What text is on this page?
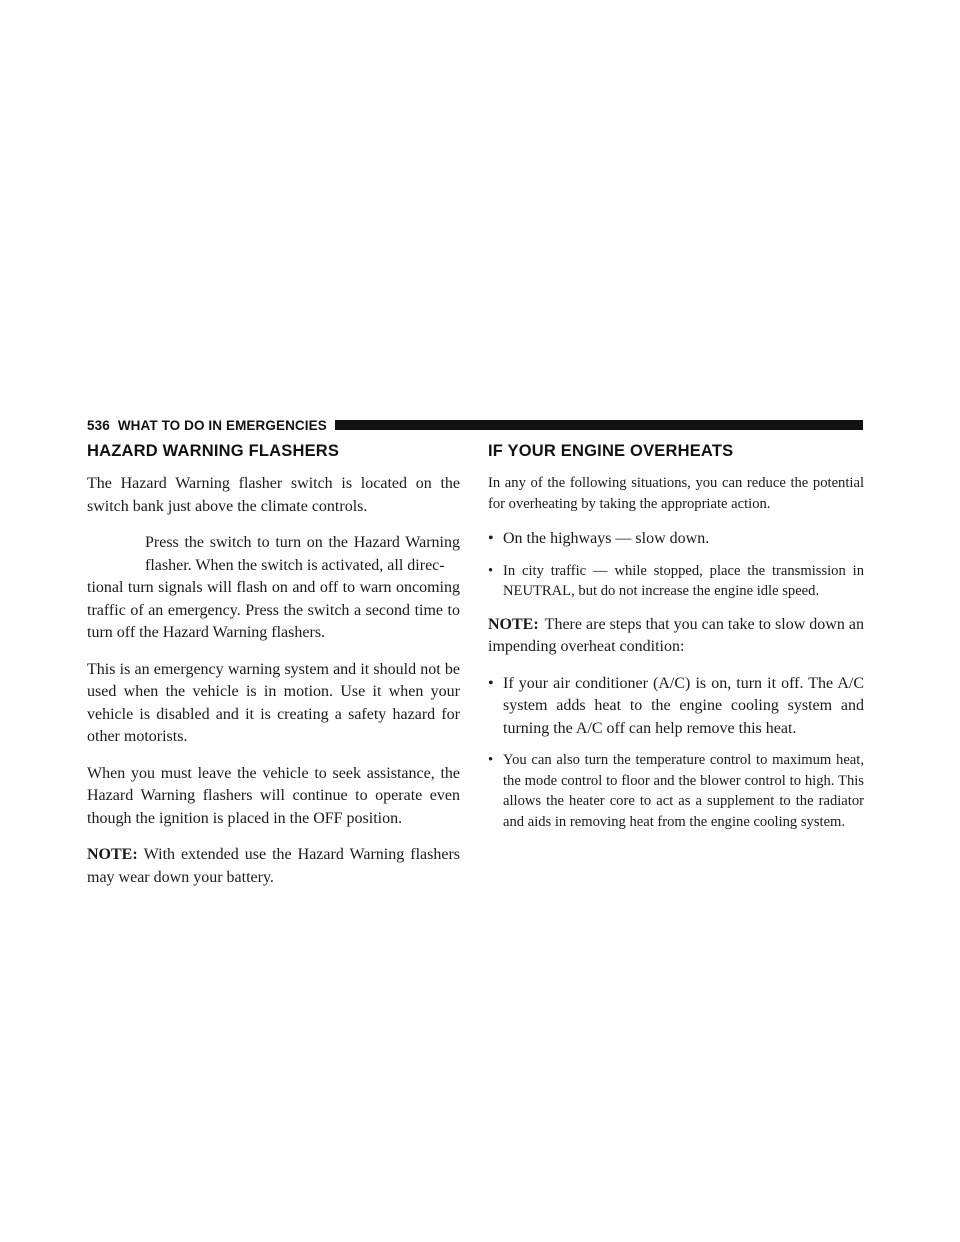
536 WHAT TO DO IN EMERGENCIES
HAZARD WARNING FLASHERS

The Hazard Warning flasher switch is located on the switch bank just above the climate controls.

Press the switch to turn on the Hazard Warning flasher. When the switch is activated, all direc-
tional turn signals will flash on and off to warn oncoming traffic of an emergency. Press the switch a second time to turn off the Hazard Warning flashers.

This is an emergency warning system and it should not be used when the vehicle is in motion. Use it when your vehicle is disabled and it is creating a safety hazard for other motorists.

When you must leave the vehicle to seek assistance, the Hazard Warning flashers will continue to operate even though the ignition is placed in the OFF position.

NOTE: With extended use the Hazard Warning flashers may wear down your battery.

IF YOUR ENGINE OVERHEATS

In any of the following situations, you can reduce the potential for overheating by taking the appropriate action.

• On the highways — slow down.
• In city traffic — while stopped, place the transmission in NEUTRAL, but do not increase the engine idle speed.

NOTE: There are steps that you can take to slow down an impending overheat condition:

• If your air conditioner (A/C) is on, turn it off. The A/C system adds heat to the engine cooling system and turning the A/C off can help remove this heat.
• You can also turn the temperature control to maximum heat, the mode control to floor and the blower control to high. This allows the heater core to act as a supplement to the radiator and aids in removing heat from the engine cooling system.
